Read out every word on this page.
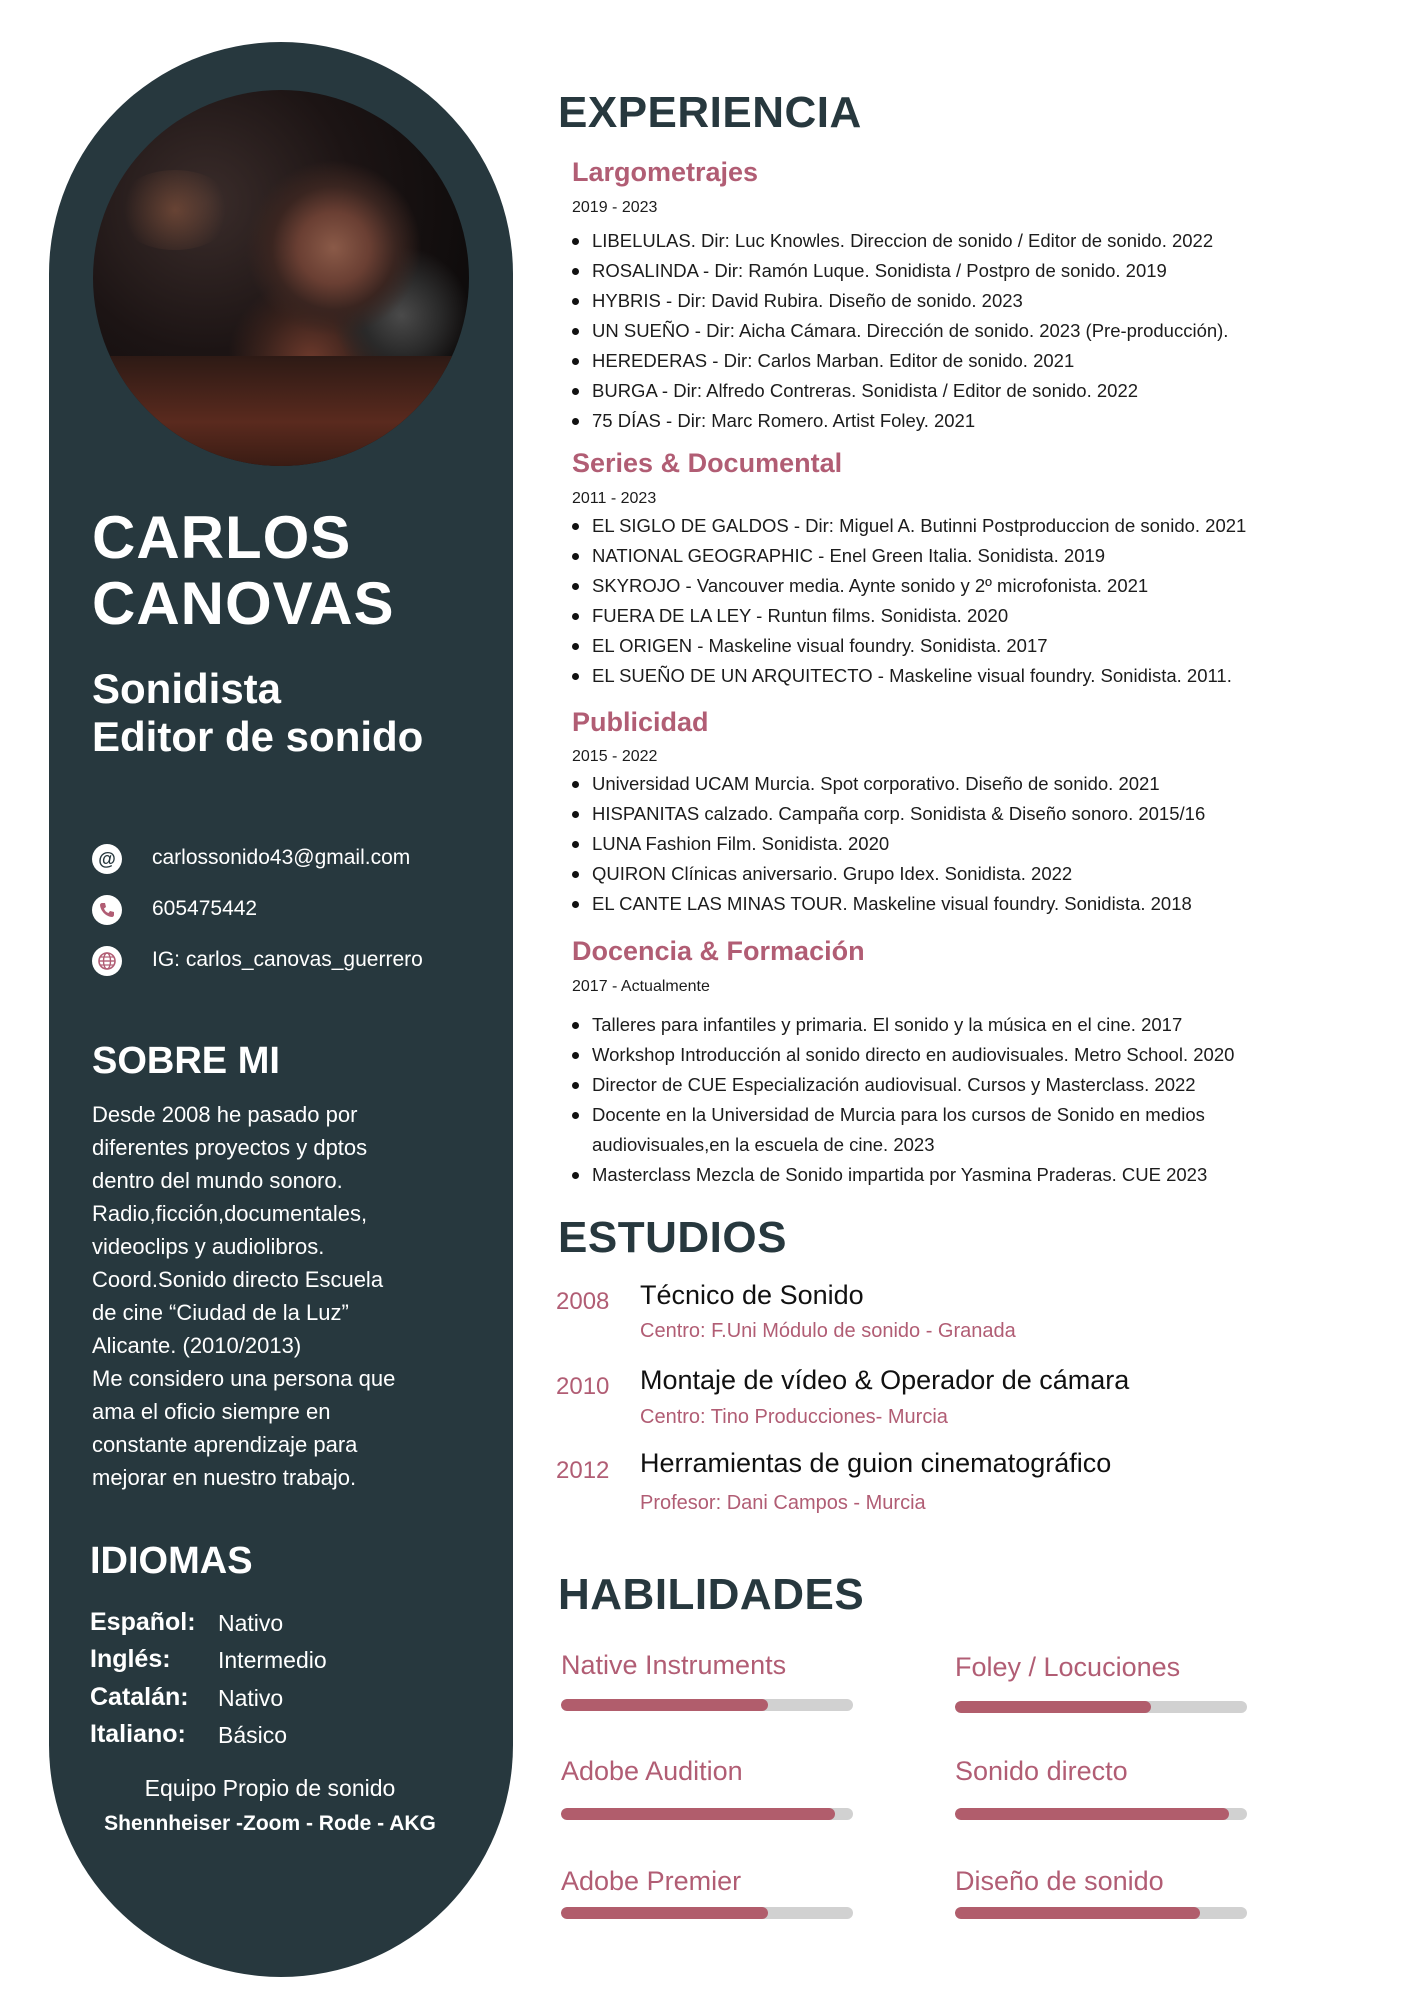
CARLOS
CANOVAS
Sonidista
Editor de sonido
@ carlossonido43@gmail.com
605475442
IG: carlos_canovas_guerrero
SOBRE MI

Desde 2008 he pasado por
diferentes proyectos y dptos
dentro del mundo sonoro.
Radio,ficción,documentales,
videoclips y audiolibros.
Coord.Sonido directo Escuela
de cine “Ciudad de la Luz”
Alicante. (2010/2013)
Me considero una persona que
ama el oficio siempre en
constante aprendizaje para
mejorar en nuestro trabajo.

IDIOMAS
Español: Nativo
Inglés: Intermedio
Catalán: Nativo
Italiano: Básico

Equipo Propio de sonido

Shennheiser -Zoom - Rode - AKG

EXPERIENCIA
Largometrajes

2019 - 2023

LIBELULAS. Dir: Luc Knowles. Direccion de sonido / Editor de sonido. 2022
ROSALINDA - Dir: Ramón Luque. Sonidista / Postpro de sonido. 2019
HYBRIS - Dir: David Rubira. Diseño de sonido. 2023
UN SUEÑO - Dir: Aicha Cámara. Dirección de sonido. 2023 (Pre-producción).
HEREDERAS - Dir: Carlos Marban. Editor de sonido. 2021
BURGA - Dir: Alfredo Contreras. Sonidista / Editor de sonido. 2022
75 DÍAS - Dir: Marc Romero. Artist Foley. 2021
Series & Documental

2011 - 2023

EL SIGLO DE GALDOS - Dir: Miguel A. Butinni Postproduccion de sonido. 2021
NATIONAL GEOGRAPHIC - Enel Green Italia. Sonidista. 2019
SKYROJO - Vancouver media. Aynte sonido y 2º microfonista. 2021
FUERA DE LA LEY - Runtun films. Sonidista. 2020
EL ORIGEN - Maskeline visual foundry. Sonidista. 2017
EL SUEÑO DE UN ARQUITECTO - Maskeline visual foundry. Sonidista. 2011.
Publicidad

2015 - 2022

Universidad UCAM Murcia. Spot corporativo. Diseño de sonido. 2021
HISPANITAS calzado. Campaña corp. Sonidista & Diseño sonoro. 2015/16
LUNA Fashion Film. Sonidista. 2020
QUIRON Clínicas aniversario. Grupo Idex. Sonidista. 2022
EL CANTE LAS MINAS TOUR. Maskeline visual foundry. Sonidista. 2018
Docencia & Formación

2017 - Actualmente

Talleres para infantiles y primaria. El sonido y la música en el cine. 2017
Workshop Introducción al sonido directo en audiovisuales. Metro School. 2020
Director de CUE Especialización audiovisual. Cursos y Masterclass. 2022
Docente en la Universidad de Murcia para los cursos de Sonido en medios audiovisuales,en la escuela de cine. 2023
Masterclass Mezcla de Sonido impartida por Yasmina Praderas. CUE 2023
ESTUDIOS

2008 Técnico de Sonido

Centro: F.Uni Módulo de sonido - Granada

2010 Montaje de vídeo & Operador de cámara

Centro: Tino Producciones- Murcia

2012 Herramientas de guion cinematográfico

Profesor: Dani Campos - Murcia

HABILIDADES

Native Instruments	Foley / Locuciones

Adobe Audition	Sonido directo

Adobe Premier	Diseño de sonido
